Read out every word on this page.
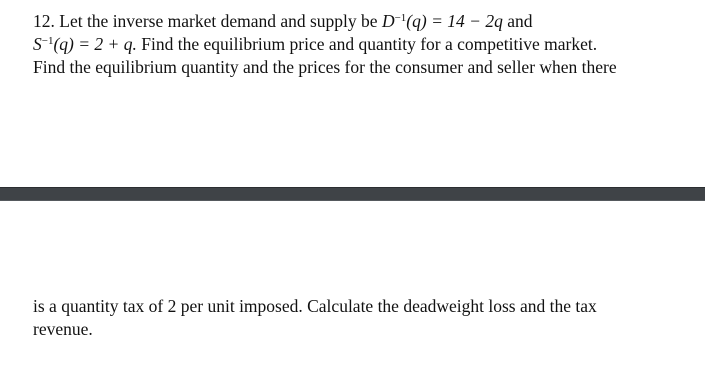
12. Let the inverse market demand and supply be $D^{-1}(q) = 14 - 2q$ and
$S^{-1}(q) = 2 + q$. Find the equilibrium price and quantity for a competitive market.
Find the equilibrium quantity and the prices for the consumer and seller when there
is a quantity tax of 2 per unit imposed. Calculate the deadweight loss and the tax
revenue.
